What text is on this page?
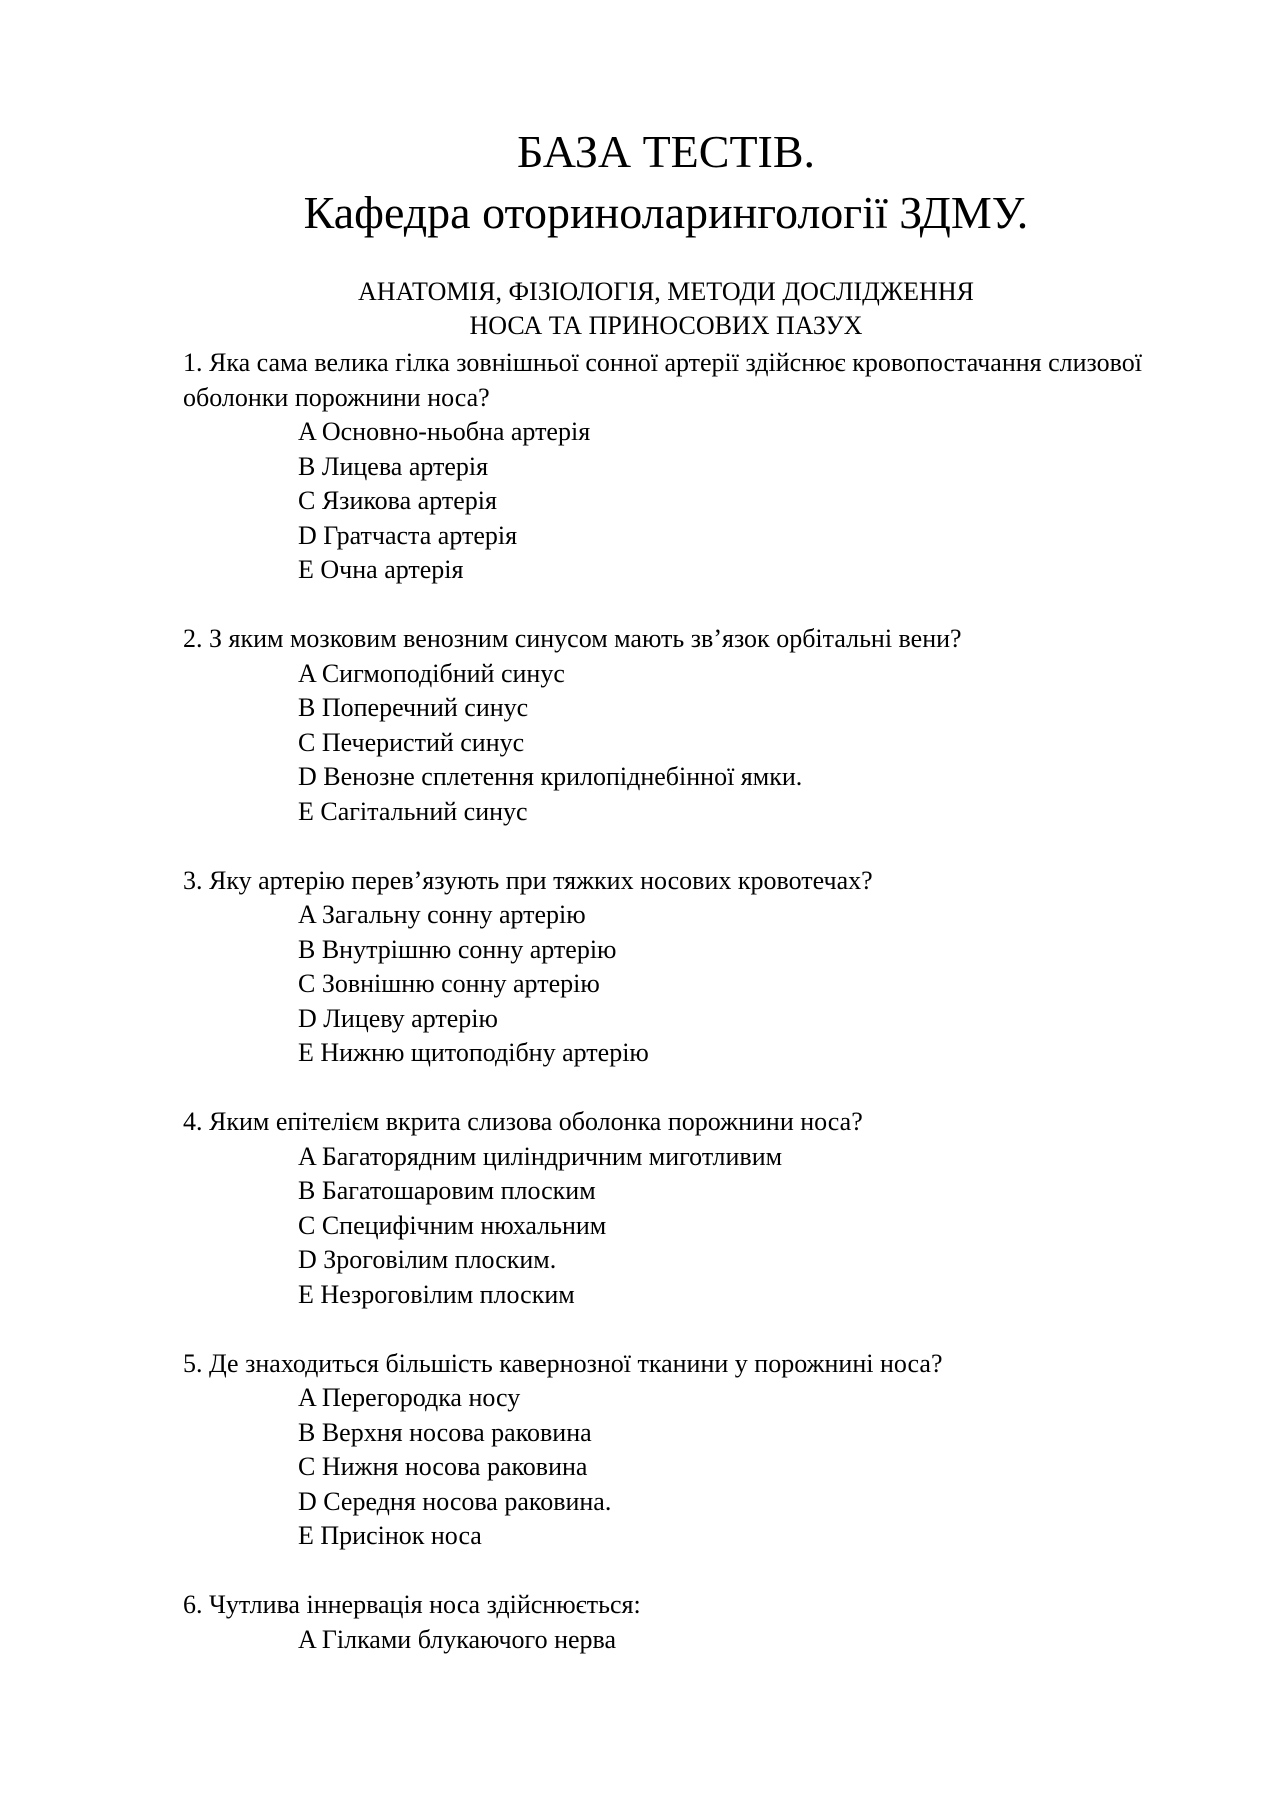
БАЗА ТЕСТІВ.
Кафедра оториноларингології ЗДМУ.
АНАТОМІЯ, ФІЗІОЛОГІЯ, МЕТОДИ ДОСЛІДЖЕННЯ
НОСА ТА ПРИНОСОВИХ ПАЗУХ

1. Яка сама велика гілка зовнішньої сонної артерії здійснює кровопостачання слизової оболонки порожнини носа?

A Основно-ньобна артерія
B Лицева артерія
C Язикова артерія
D Гратчаста артерія
E Очна артерія

2. З яким мозковим венозним синусом мають зв’язок орбітальні вени?

A Сигмоподібний синус
B Поперечний синус
C Печеристий синус
D Венозне сплетення крилопіднебінної ямки.
E Сагітальний синус

3. Яку артерію перев’язують при тяжких носових кровотечах?

A Загальну сонну артерію
B Внутрішню сонну артерію
C Зовнішню сонну артерію
D Лицеву артерію
E Нижню щитоподібну артерію

4. Яким епітелієм вкрита слизова оболонка порожнини носа?

A Багаторядним циліндричним миготливим
B Багатошаровим плоским
C Специфічним нюхальним
D Зроговілим плоским.
E Незроговілим плоским

5. Де знаходиться більшість кавернозної тканини у порожнині носа?

A Перегородка носу
B Верхня носова раковина
C Нижня носова раковина
D Середня носова раковина.
E Присінок носа

6. Чутлива іннервація носа здійснюється:

A Гілками блукаючого нерва
